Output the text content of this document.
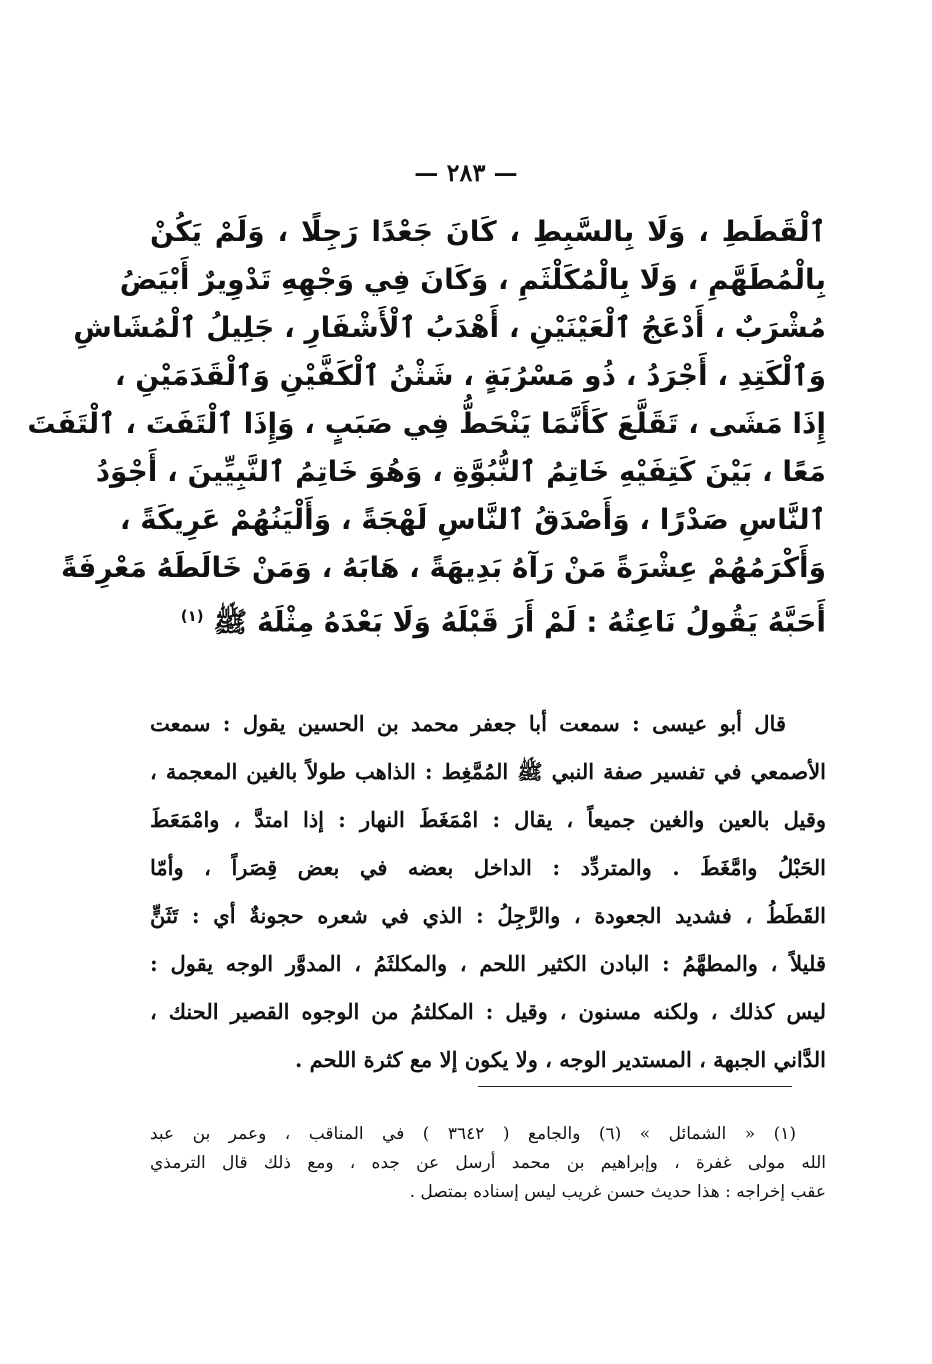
— ٢٨٣ —
ٱلْقَطَطِ ، وَلَا بِالسَّبِطِ ، كَانَ جَعْدًا رَجِلًا ، وَلَمْ يَكُنْ
بِالْمُطَهَّمِ ، وَلَا بِالْمُكَلْثَمِ ، وَكَانَ فِي وَجْهِهِ تَدْوِيرٌ أَبْيَضُ
مُشْرَبٌ ، أَدْعَجُ ٱلْعَيْنَيْنِ ، أَهْدَبُ ٱلْأَشْفَارِ ، جَلِيلُ ٱلْمُشَاشِ
وَٱلْكَتِدِ ، أَجْرَدُ ، ذُو مَسْرُبَةٍ ، شَثْنُ ٱلْكَفَّيْنِ وَٱلْقَدَمَيْنِ ،
إِذَا مَشَى ، تَقَلَّعَ كَأَنَّمَا يَنْحَطُّ فِي صَبَبٍ ، وَإِذَا ٱلْتَفَتَ ، ٱلْتَفَتَ
مَعًا ، بَيْنَ كَتِفَيْهِ خَاتِمُ ٱلنُّبُوَّةِ ، وَهُوَ خَاتِمُ ٱلنَّبِيِّينَ ، أَجْوَدُ
ٱلنَّاسِ صَدْرًا ، وَأَصْدَقُ ٱلنَّاسِ لَهْجَةً ، وَأَلْيَنُهُمْ عَرِيكَةً ،
وَأَكْرَمُهُمْ عِشْرَةً مَنْ رَآهُ بَدِيهَةً ، هَابَهُ ، وَمَنْ خَالَطَهُ مَعْرِفَةً
أَحَبَّهُ يَقُولُ نَاعِتُهُ : لَمْ أَرَ قَبْلَهُ وَلَا بَعْدَهُ مِثْلَهُ ﷺ $^{(١)}$
قال أبو عيسى : سمعت أبا جعفر محمد بن الحسين يقول : سمعت
الأصمعي في تفسير صفة النبي ﷺ المُمَّغِط : الذاهب طولاً بالغين المعجمة ،
وقيل بالعين والغين جميعاً ، يقال : امْمَغَطَ النهار : إذا امتدَّ ، وامْمَعَطَ
الحَبْلُ وامَّغَطَ . والمتردِّد : الداخل بعضه في بعض قِصَراً ، وأمّا
القَطَطُ ، فشديد الجعودة ، والرَّجِلُ : الذي في شعره حجونةٌ أي : تَثَنٍّ
قليلاً ، والمطهَّمُ : البادن الكثير اللحم ، والمكلثَمُ ، المدوَّر الوجه يقول :
ليس كذلك ، ولكنه مسنون ، وقيل : المكلثمُ من الوجوه القصير الحنك ،
الدَّاني الجبهة ، المستدير الوجه ، ولا يكون إلا مع كثرة اللحم .
(١) « الشمائل » (٦) والجامع ( ٣٦٤٢ ) في المناقب ، وعمر بن عبد
الله مولى غفرة ، وإبراهيم بن محمد أرسل عن جده ، ومع ذلك قال الترمذي
عقب إخراجه : هذا حديث حسن غريب ليس إسناده بمتصل .
